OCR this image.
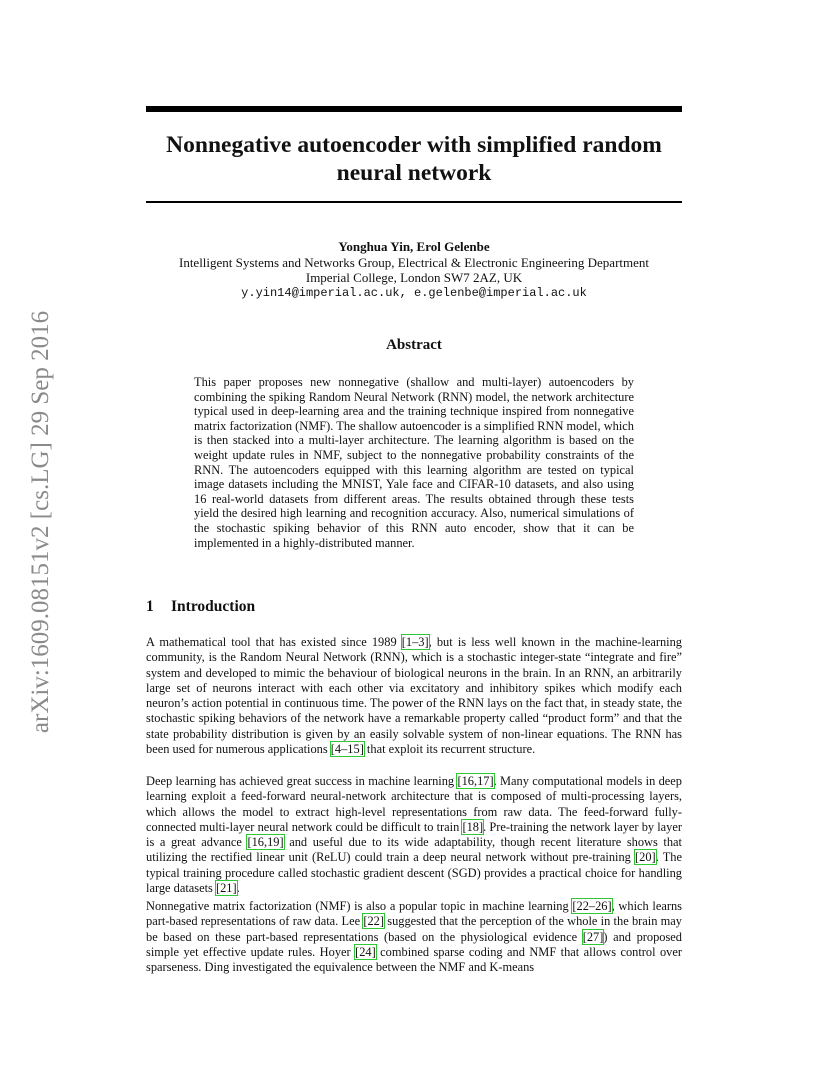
arXiv:1609.08151v2 [cs.LG] 29 Sep 2016
Nonnegative autoencoder with simplified random
neural network
Yonghua Yin, Erol Gelenbe
Intelligent Systems and Networks Group, Electrical & Electronic Engineering Department
Imperial College, London SW7 2AZ, UK
y.yin14@imperial.ac.uk, e.gelenbe@imperial.ac.uk
Abstract

This paper proposes new nonnegative (shallow and multi-layer) autoencoders by combining the spiking Random Neural Network (RNN) model, the network architecture typical used in deep-learning area and the training technique inspired from nonnegative matrix factorization (NMF). The shallow autoencoder is a simplified RNN model, which is then stacked into a multi-layer architecture. The learning algorithm is based on the weight update rules in NMF, subject to the nonnegative probability constraints of the RNN. The autoencoders equipped with this learning algorithm are tested on typical image datasets including the MNIST, Yale face and CIFAR-10 datasets, and also using 16 real-world datasets from different areas. The results obtained through these tests yield the desired high learning and recognition accuracy. Also, numerical simulations of the stochastic spiking behavior of this RNN auto encoder, show that it can be implemented in a highly-distributed manner.

1 Introduction

A mathematical tool that has existed since 1989 [1–3], but is less well known in the machine-learning community, is the Random Neural Network (RNN), which is a stochastic integer-state “integrate and fire” system and developed to mimic the behaviour of biological neurons in the brain. In an RNN, an arbitrarily large set of neurons interact with each other via excitatory and inhibitory spikes which modify each neuron’s action potential in continuous time. The power of the RNN lays on the fact that, in steady state, the stochastic spiking behaviors of the network have a remarkable property called “product form” and that the state probability distribution is given by an easily solvable system of non-linear equations. The RNN has been used for numerous applications [4–15] that exploit its recurrent structure.

Deep learning has achieved great success in machine learning [16,17]. Many computational models in deep learning exploit a feed-forward neural-network architecture that is composed of multi-processing layers, which allows the model to extract high-level representations from raw data. The feed-forward fully-connected multi-layer neural network could be difficult to train [18]. Pre-training the network layer by layer is a great advance [16,19] and useful due to its wide adaptability, though recent literature shows that utilizing the rectified linear unit (ReLU) could train a deep neural network without pre-training [20]. The typical training procedure called stochastic gradient descent (SGD) provides a practical choice for handling large datasets [21].

Nonnegative matrix factorization (NMF) is also a popular topic in machine learning [22–26], which learns part-based representations of raw data. Lee [22] suggested that the perception of the whole in the brain may be based on these part-based representations (based on the physiological evidence [27]) and proposed simple yet effective update rules. Hoyer [24] combined sparse coding and NMF that allows control over sparseness. Ding investigated the equivalence between the NMF and K-means
